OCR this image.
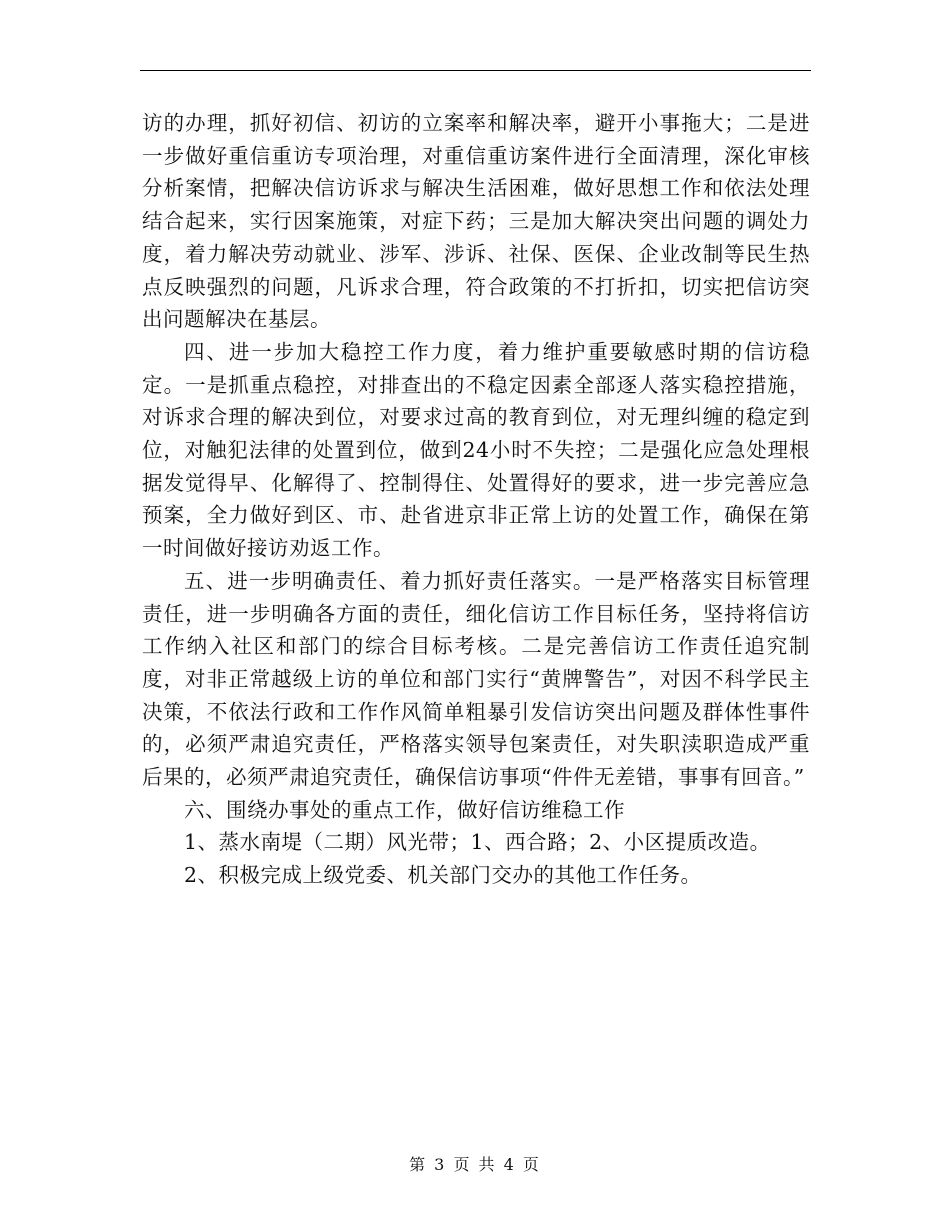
访的办理，抓好初信、初访的立案率和解决率，避开小事拖大；二是进一步做好重信重访专项治理，对重信重访案件进行全面清理，深化审核分析案情，把解决信访诉求与解决生活困难，做好思想工作和依法处理结合起来，实行因案施策，对症下药；三是加大解决突出问题的调处力度，着力解决劳动就业、涉军、涉诉、社保、医保、企业改制等民生热点反映强烈的问题，凡诉求合理，符合政策的不打折扣，切实把信访突出问题解决在基层。

四、进一步加大稳控工作力度，着力维护重要敏感时期的信访稳定。一是抓重点稳控，对排查出的不稳定因素全部逐人落实稳控措施，对诉求合理的解决到位，对要求过高的教育到位，对无理纠缠的稳定到位，对触犯法律的处置到位，做到24小时不失控；二是强化应急处理根据发觉得早、化解得了、控制得住、处置得好的要求，进一步完善应急预案，全力做好到区、市、赴省进京非正常上访的处置工作，确保在第一时间做好接访劝返工作。

五、进一步明确责任、着力抓好责任落实。一是严格落实目标管理责任，进一步明确各方面的责任，细化信访工作目标任务，坚持将信访工作纳入社区和部门的综合目标考核。二是完善信访工作责任追究制度，对非正常越级上访的单位和部门实行“黄牌警告”，对因不科学民主决策，不依法行政和工作作风简单粗暴引发信访突出问题及群体性事件的，必须严肃追究责任，严格落实领导包案责任，对失职渎职造成严重后果的，必须严肃追究责任，确保信访事项“件件无差错，事事有回音。”

六、围绕办事处的重点工作，做好信访维稳工作

1、蒸水南堤（二期）风光带；1、西合路；2、小区提质改造。

2、积极完成上级党委、机关部门交办的其他工作任务。

第 3 页 共 4 页
